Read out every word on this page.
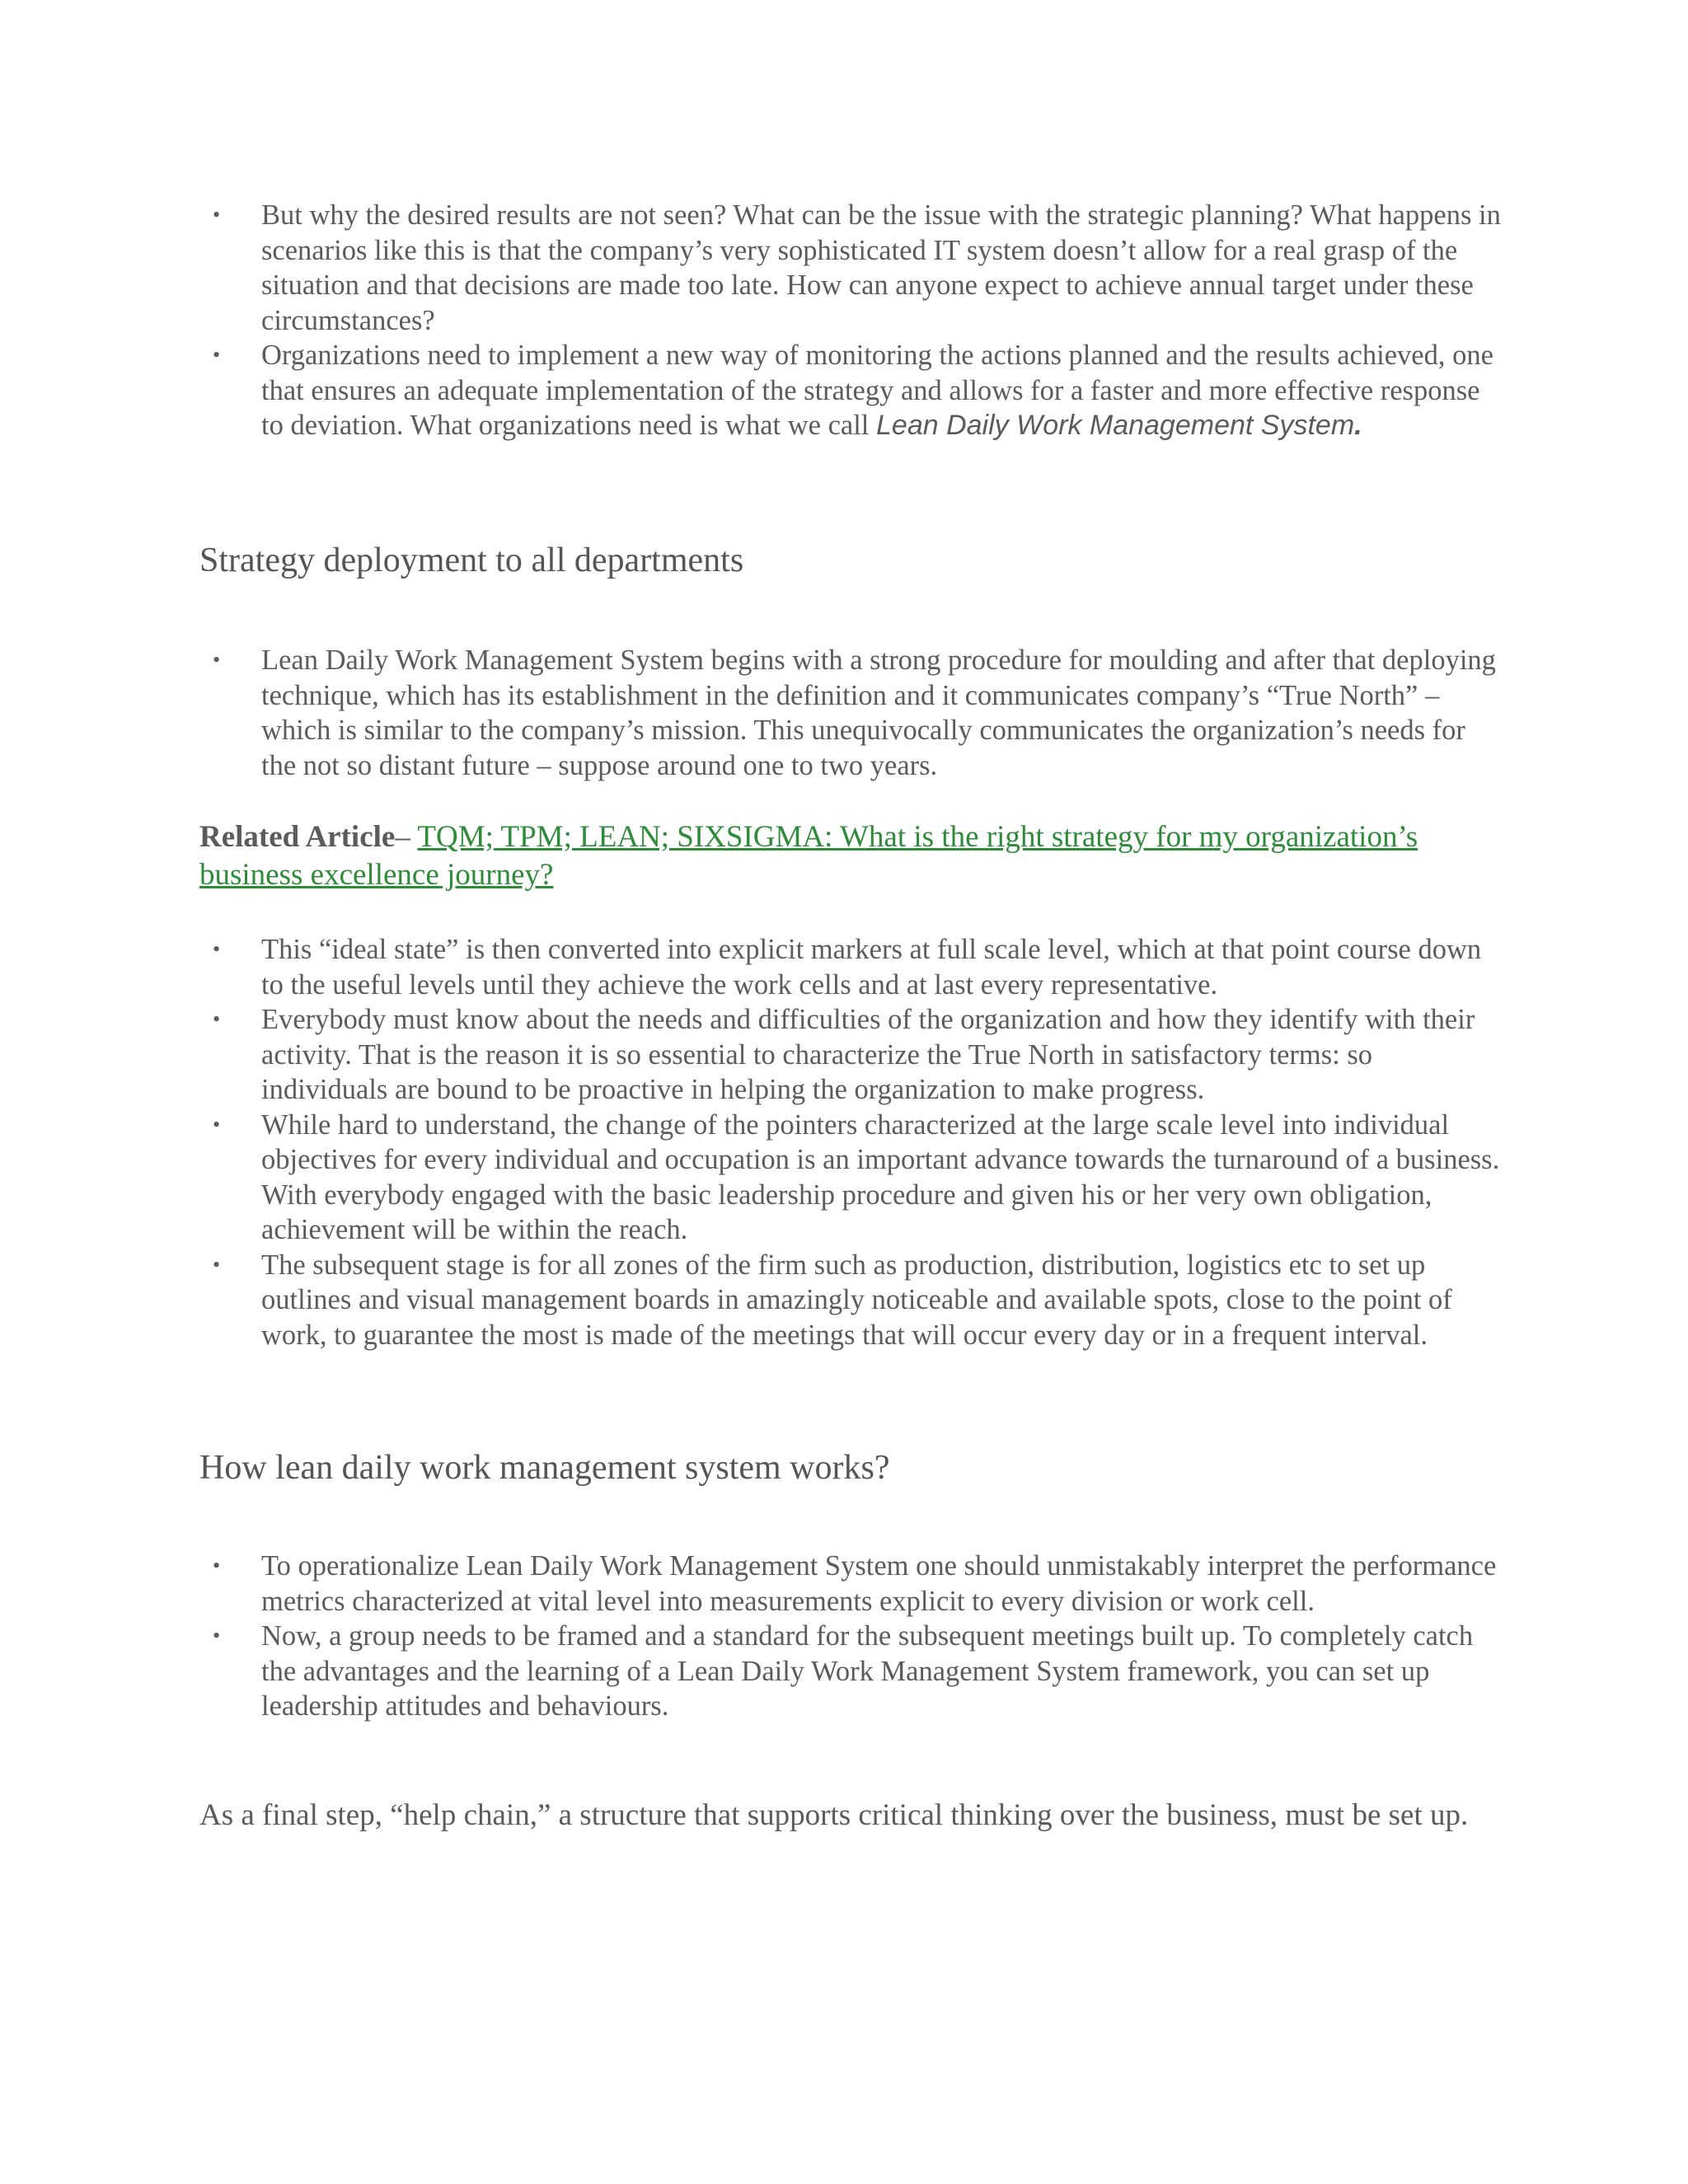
• But why the desired results are not seen? What can be the issue with the strategic planning? What happens in scenarios like this is that the company’s very sophisticated IT system doesn’t allow for a real grasp of the situation and that decisions are made too late. How can anyone expect to achieve annual target under these circumstances?
• Organizations need to implement a new way of monitoring the actions planned and the results achieved, one that ensures an adequate implementation of the strategy and allows for a faster and more effective response to deviation. What organizations need is what we call Lean Daily Work Management System.
Strategy deployment to all departments
• Lean Daily Work Management System begins with a strong procedure for moulding and after that deploying technique, which has its establishment in the definition and it communicates company’s “True North” – which is similar to the company’s mission. This unequivocally communicates the organization’s needs for the not so distant future – suppose around one to two years.

Related Article– TQM; TPM; LEAN; SIXSIGMA: What is the right strategy for my organization’s business excellence journey?

• This “ideal state” is then converted into explicit markers at full scale level, which at that point course down to the useful levels until they achieve the work cells and at last every representative.
• Everybody must know about the needs and difficulties of the organization and how they identify with their activity. That is the reason it is so essential to characterize the True North in satisfactory terms: so individuals are bound to be proactive in helping the organization to make progress.
• While hard to understand, the change of the pointers characterized at the large scale level into individual objectives for every individual and occupation is an important advance towards the turnaround of a business. With everybody engaged with the basic leadership procedure and given his or her very own obligation, achievement will be within the reach.
• The subsequent stage is for all zones of the firm such as production, distribution, logistics etc to set up outlines and visual management boards in amazingly noticeable and available spots, close to the point of work, to guarantee the most is made of the meetings that will occur every day or in a frequent interval.
How lean daily work management system works?
• To operationalize Lean Daily Work Management System one should unmistakably interpret the performance metrics characterized at vital level into measurements explicit to every division or work cell.
• Now, a group needs to be framed and a standard for the subsequent meetings built up. To completely catch the advantages and the learning of a Lean Daily Work Management System framework, you can set up leadership attitudes and behaviours.

As a final step, “help chain,” a structure that supports critical thinking over the business, must be set up.
